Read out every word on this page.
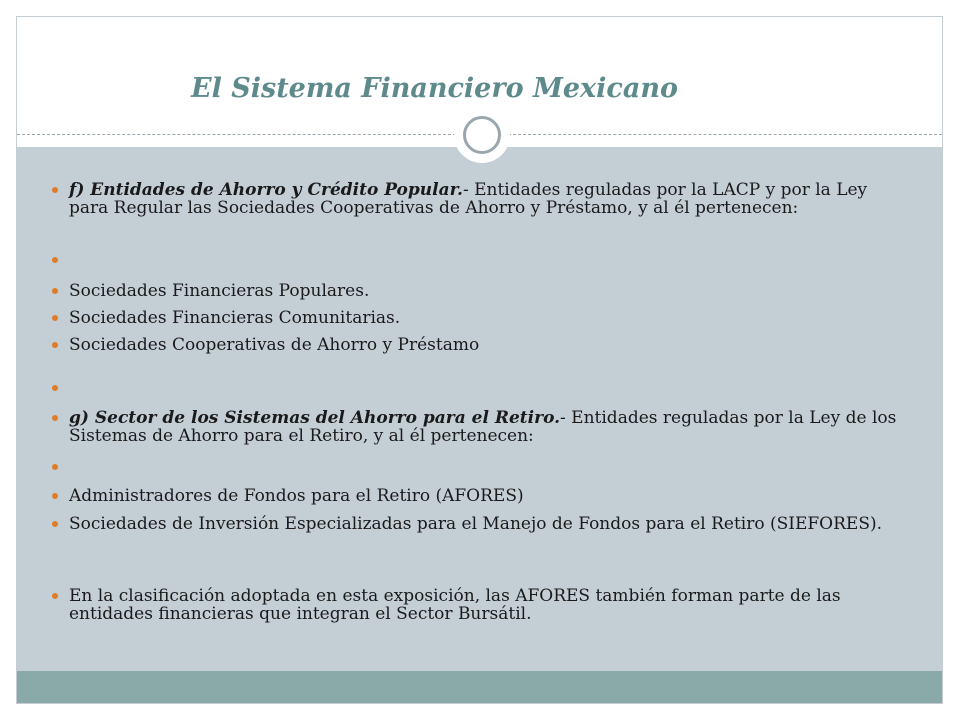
El Sistema Financiero Mexicano
f) Entidades de Ahorro y Crédito Popular.- Entidades reguladas por la LACP y por la Ley para Regular las Sociedades Cooperativas de Ahorro y Préstamo, y al él pertenecen:
Sociedades Financieras Populares.
Sociedades Financieras Comunitarias.
Sociedades Cooperativas de Ahorro y Préstamo
g) Sector de los Sistemas del Ahorro para el Retiro.- Entidades reguladas por la Ley de los Sistemas de Ahorro para el Retiro, y al él pertenecen:
Administradores de Fondos para el Retiro (AFORES)
Sociedades de Inversión Especializadas para el Manejo de Fondos para el Retiro (SIEFORES).
En la clasificación adoptada en esta exposición, las AFORES también forman parte de las entidades financieras que integran el Sector Bursátil.
